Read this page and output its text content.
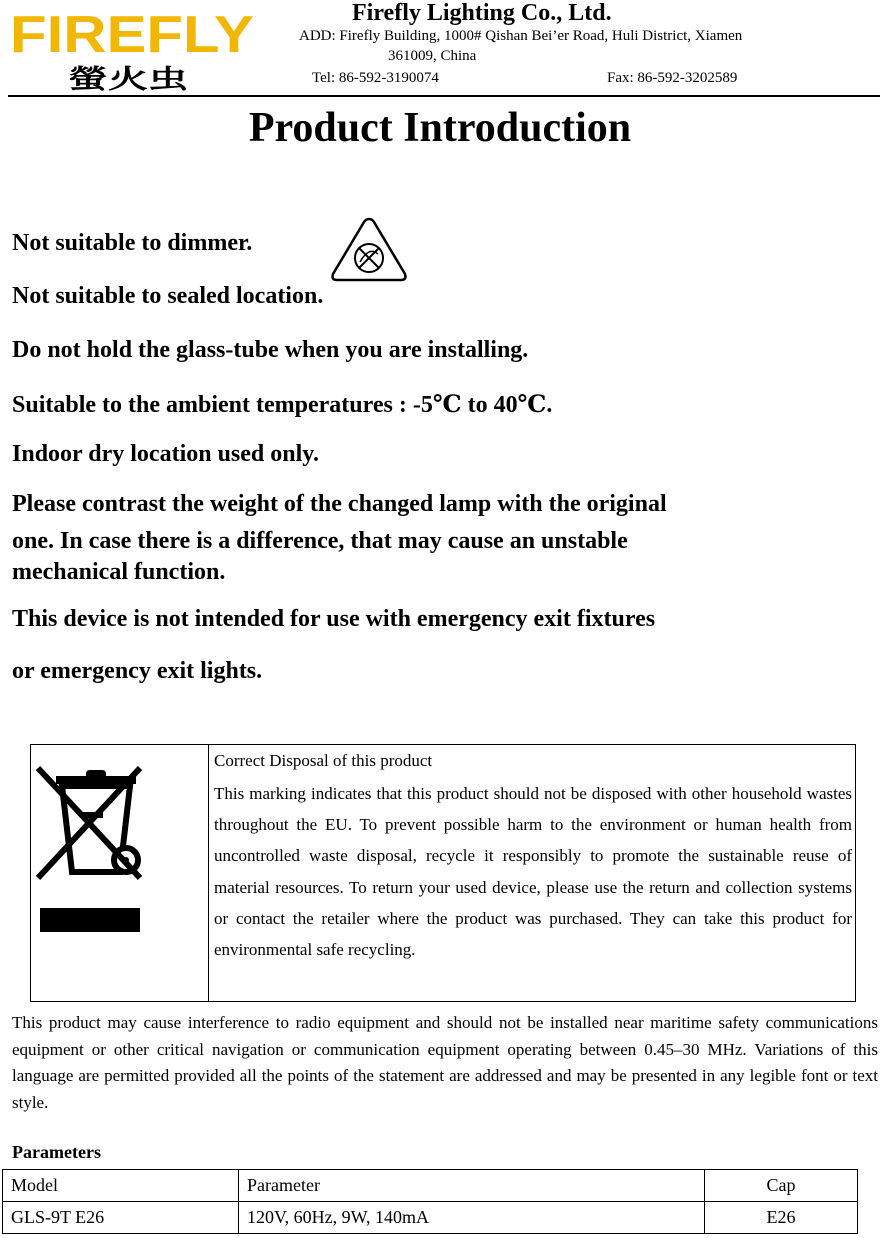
FIREFLY
螢火虫
Firefly Lighting Co., Ltd.
ADD: Firefly Building, 1000# Qishan Bei’er Road, Huli District, Xiamen
361009, China
Tel: 86-592-3190074	Fax: 86-592-3202589
Product Introduction
Not suitable to dimmer.
Not suitable to sealed location.
Do not hold the glass-tube when you are installing.
Suitable to the ambient temperatures : -5℃ to 40℃.
Indoor dry location used only.
Please contrast the weight of the changed lamp with the original
one. In case there is a difference, that may cause an unstable
mechanical function.
This device is not intended for use with emergency exit fixtures
or emergency exit lights.
Correct Disposal of this product
This marking indicates that this product should not be disposed with other household wastes throughout the EU. To prevent possible harm to the environment or human health from uncontrolled waste disposal, recycle it responsibly to promote the sustainable reuse of material resources. To return your used device, please use the return and collection systems or contact the retailer where the product was purchased. They can take this product for environmental safe recycling.
This product may cause interference to radio equipment and should not be installed near maritime safety communications equipment or other critical navigation or communication equipment operating between 0.45–30 MHz. Variations of this language are permitted provided all the points of the statement are addressed and may be presented in any legible font or text style.
Parameters
Model	Parameter	Cap
GLS-9T E26	120V, 60Hz, 9W, 140mA	E26
